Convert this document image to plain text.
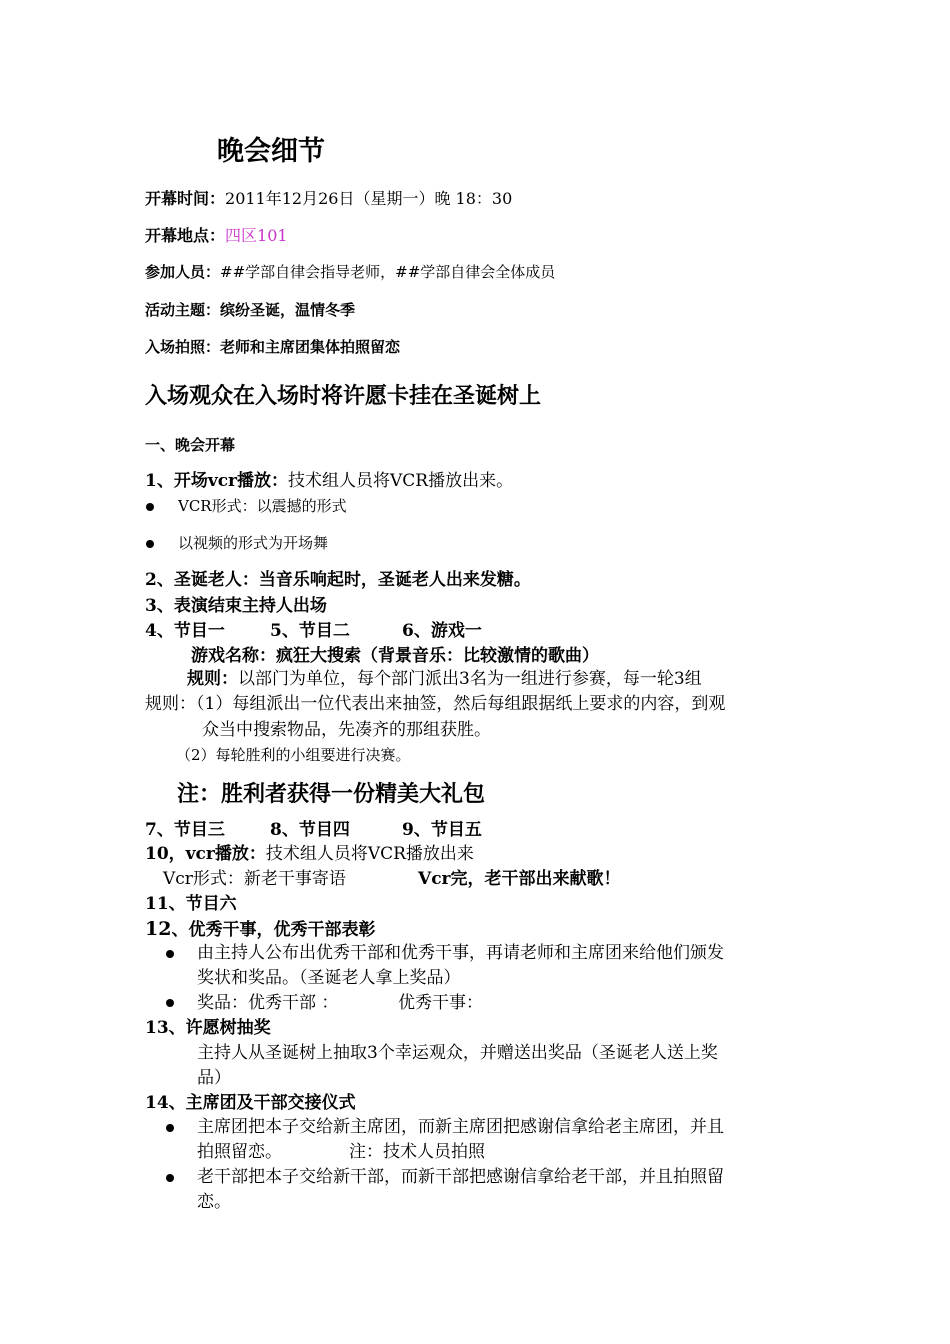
晚会细节
开幕时间：2011年12月26日（星期一）晚 18：30
开幕地点：四区101
参加人员：##学部自律会指导老师，##学部自律会全体成员
活动主题：缤纷圣诞，温情冬季
入场拍照：老师和主席团集体拍照留恋
入场观众在入场时将许愿卡挂在圣诞树上
一、晚会开幕
1、开场vcr播放：技术组人员将VCR播放出来。
VCR形式：以震撼的形式
以视频的形式为开场舞
2、圣诞老人：当音乐响起时，圣诞老人出来发糖。
3、表演结束主持人出场
4、节目一	5、节目二	6、游戏一
游戏名称：疯狂大搜索（背景音乐：比较激情的歌曲）
规则：以部门为单位，每个部门派出3名为一组进行参赛，每一轮3组
规则：（1）每组派出一位代表出来抽签，然后每组跟据纸上要求的内容，到观
众当中搜索物品，先凑齐的那组获胜。
（2）每轮胜利的小组要进行决赛。
注：胜利者获得一份精美大礼包
7、节目三	8、节目四	9、节目五
10，vcr播放：技术组人员将VCR播放出来
Vcr形式：新老干事寄语	Vcr完，老干部出来献歌！
11、节目六
12、优秀干事，优秀干部表彰
由主持人公布出优秀干部和优秀干事，再请老师和主席团来给他们颁发
奖状和奖品。（圣诞老人拿上奖品）
奖品：优秀干部 ：	优秀干事：
13、许愿树抽奖
主持人从圣诞树上抽取3个幸运观众，并赠送出奖品（圣诞老人送上奖
品）
14、主席团及干部交接仪式
主席团把本子交给新主席团，而新主席团把感谢信拿给老主席团，并且
拍照留恋。	注：技术人员拍照
老干部把本子交给新干部，而新干部把感谢信拿给老干部，并且拍照留
恋。
